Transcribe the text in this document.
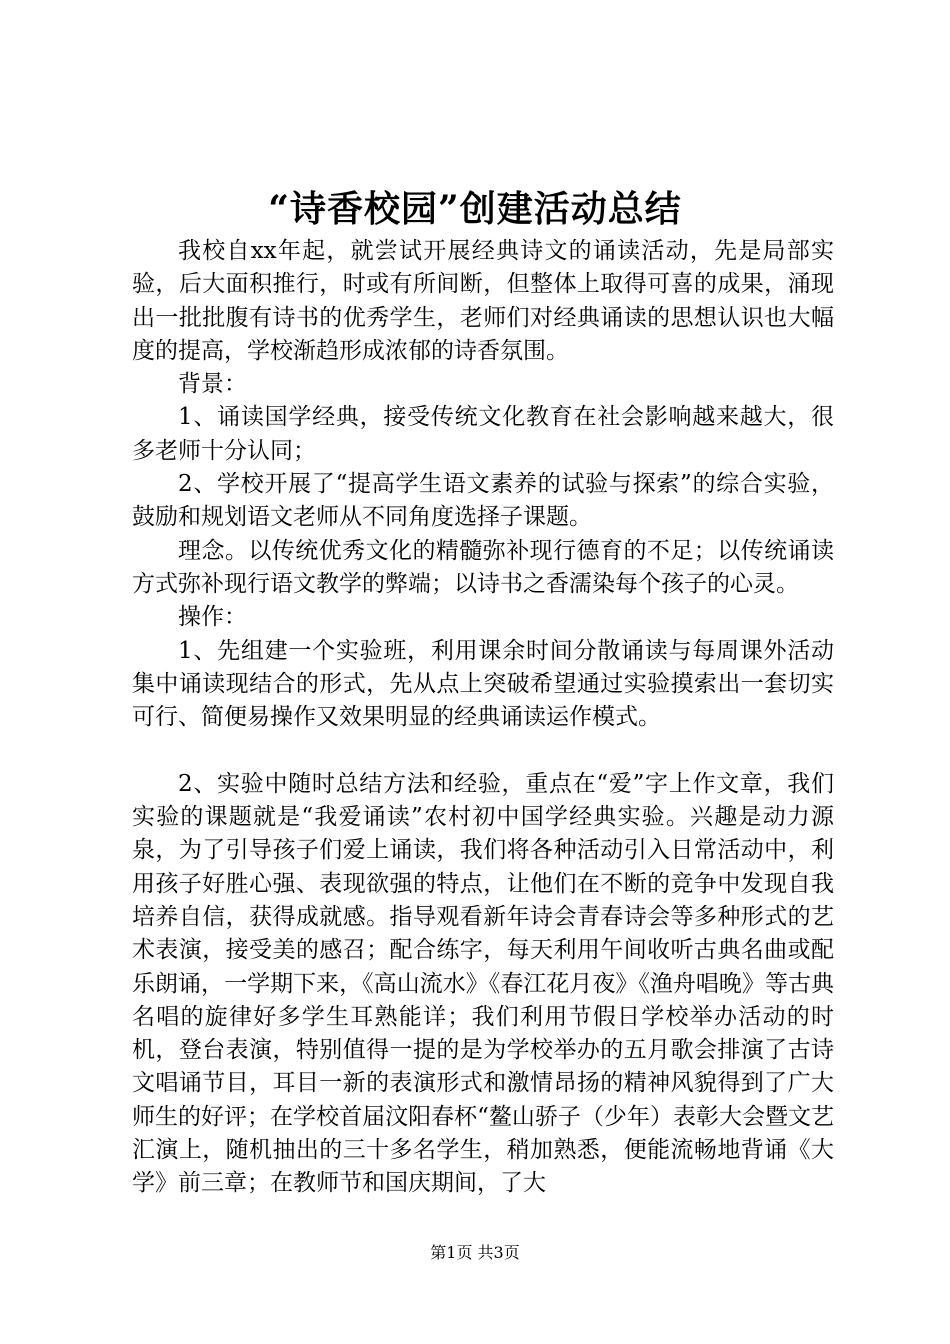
“诗香校园”创建活动总结

我校自xx年起，就尝试开展经典诗文的诵读活动，先是局部实验，后大面积推行，时或有所间断，但整体上取得可喜的成果，涌现出一批批腹有诗书的优秀学生，老师们对经典诵读的思想认识也大幅度的提高，学校渐趋形成浓郁的诗香氛围。

背景：

1、诵读国学经典，接受传统文化教育在社会影响越来越大，很多老师十分认同；

2、学校开展了“提高学生语文素养的试验与探索”的综合实验，鼓励和规划语文老师从不同角度选择子课题。

理念。以传统优秀文化的精髓弥补现行德育的不足；以传统诵读方式弥补现行语文教学的弊端；以诗书之香濡染每个孩子的心灵。

操作：

1、先组建一个实验班，利用课余时间分散诵读与每周课外活动集中诵读现结合的形式，先从点上突破希望通过实验摸索出一套切实可行、简便易操作又效果明显的经典诵读运作模式。

2、实验中随时总结方法和经验，重点在“爱”字上作文章，我们实验的课题就是“我爱诵读”农村初中国学经典实验。兴趣是动力源泉，为了引导孩子们爱上诵读，我们将各种活动引入日常活动中，利用孩子好胜心强、表现欲强的特点，让他们在不断的竞争中发现自我培养自信，获得成就感。指导观看新年诗会青春诗会等多种形式的艺术表演，接受美的感召；配合练字，每天利用午间收听古典名曲或配乐朗诵，一学期下来，《高山流水》《春江花月夜》《渔舟唱晚》等古典名唱的旋律好多学生耳熟能详；我们利用节假日学校举办活动的时机，登台表演，特别值得一提的是为学校举办的五月歌会排演了古诗文唱诵节目，耳目一新的表演形式和激情昂扬的精神风貌得到了广大师生的好评；在学校首届汶阳春杯“鳌山骄子（少年）表彰大会暨文艺汇演上，随机抽出的三十多名学生，稍加熟悉，便能流畅地背诵《大学》前三章；在教师节和国庆期间，了大

第1页 共3页
